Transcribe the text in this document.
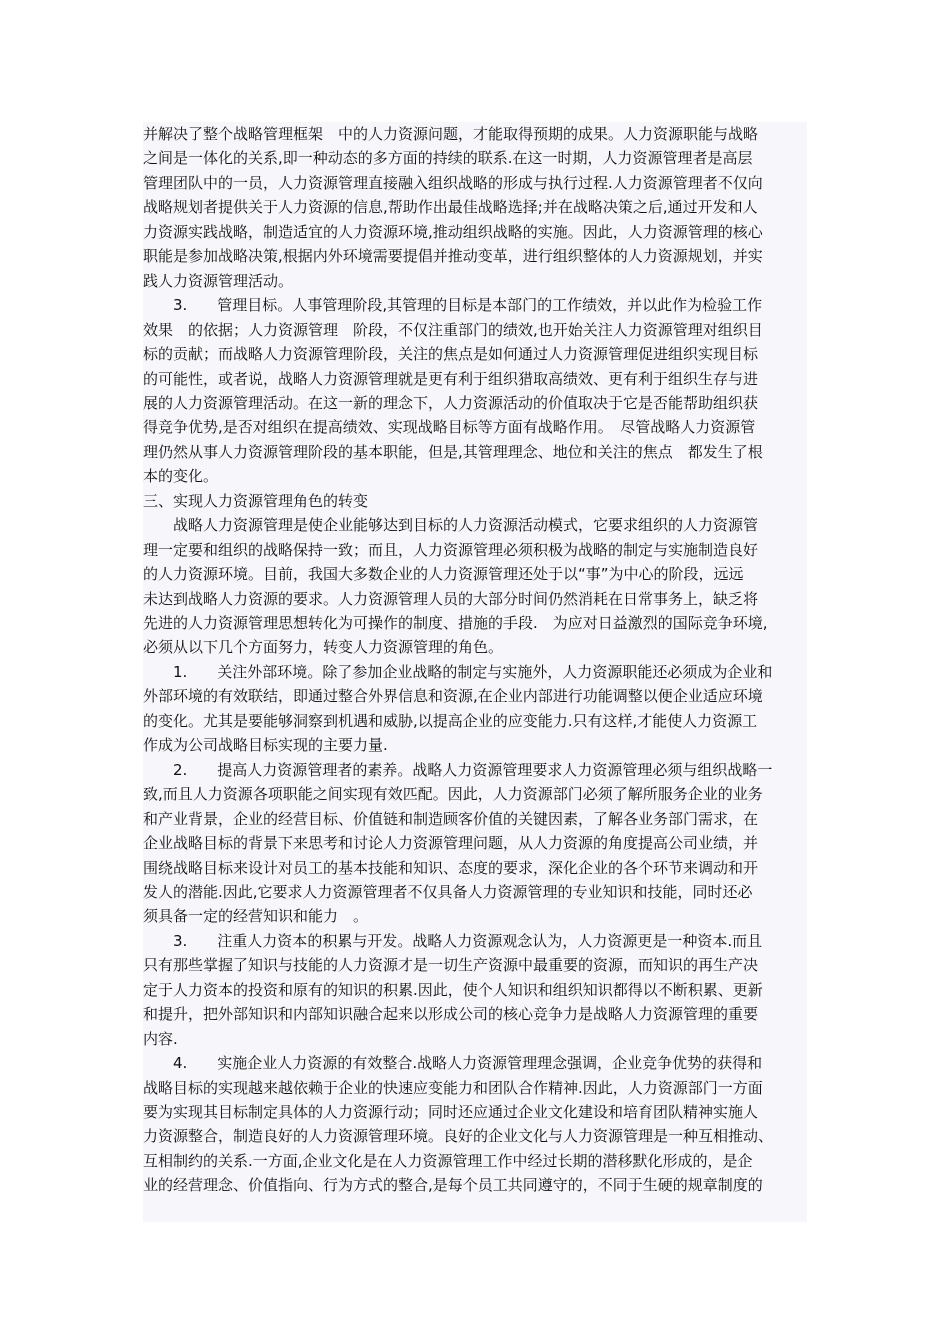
并解决了整个战略管理框架　中的人力资源问题，才能取得预期的成果。人力资源职能与战略
之间是一体化的关系,即一种动态的多方面的持续的联系.在这一时期，人力资源管理者是高层
管理团队中的一员，人力资源管理直接融入组织战略的形成与执行过程.人力资源管理者不仅向
战略规划者提供关于人力资源的信息,帮助作出最佳战略选择;并在战略决策之后,通过开发和人
力资源实践战略，制造适宜的人力资源环境,推动组织战略的实施。因此，人力资源管理的核心
职能是参加战略决策,根据内外环境需要提倡并推动变革，进行组织整体的人力资源规划，并实
践人力资源管理活动。
　　3.　　管理目标。人事管理阶段,其管理的目标是本部门的工作绩效，并以此作为检验工作
效果　的依据；人力资源管理　阶段，不仅注重部门的绩效,也开始关注人力资源管理对组织目
标的贡献；而战略人力资源管理阶段，关注的焦点是如何通过人力资源管理促进组织实现目标
的可能性，或者说，战略人力资源管理就是更有利于组织猎取高绩效、更有利于组织生存与进
展的人力资源管理活动。在这一新的理念下，人力资源活动的价值取决于它是否能帮助组织获
得竞争优势,是否对组织在提高绩效、实现战略目标等方面有战略作用。　尽管战略人力资源管
理仍然从事人力资源管理阶段的基本职能，但是,其管理理念、地位和关注的焦点　都发生了根
本的变化。
三、实现人力资源管理角色的转变
　　战略人力资源管理是使企业能够达到目标的人力资源活动模式，它要求组织的人力资源管
理一定要和组织的战略保持一致；而且，人力资源管理必须积极为战略的制定与实施制造良好
的人力资源环境。目前，我国大多数企业的人力资源管理还处于以“事”为中心的阶段，远远
未达到战略人力资源的要求。人力资源管理人员的大部分时间仍然消耗在日常事务上，缺乏将
先进的人力资源管理思想转化为可操作的制度、措施的手段.　为应对日益激烈的国际竞争环境,
必须从以下几个方面努力，转变人力资源管理的角色。
　　1.　　关注外部环境。除了参加企业战略的制定与实施外，人力资源职能还必须成为企业和
外部环境的有效联结，即通过整合外界信息和资源,在企业内部进行功能调整以便企业适应环境
的变化。尤其是要能够洞察到机遇和威胁,以提高企业的应变能力.只有这样,才能使人力资源工
作成为公司战略目标实现的主要力量.
　　2.　　提高人力资源管理者的素养。战略人力资源管理要求人力资源管理必须与组织战略一
致,而且人力资源各项职能之间实现有效匹配。因此，人力资源部门必须了解所服务企业的业务
和产业背景，企业的经营目标、价值链和制造顾客价值的关键因素，了解各业务部门需求，在
企业战略目标的背景下来思考和讨论人力资源管理问题，从人力资源的角度提高公司业绩，并
围绕战略目标来设计对员工的基本技能和知识、态度的要求，深化企业的各个环节来调动和开
发人的潜能.因此,它要求人力资源管理者不仅具备人力资源管理的专业知识和技能，同时还必
须具备一定的经营知识和能力　。
　　3.　　注重人力资本的积累与开发。战略人力资源观念认为，人力资源更是一种资本.而且
只有那些掌握了知识与技能的人力资源才是一切生产资源中最重要的资源，而知识的再生产决
定于人力资本的投资和原有的知识的积累.因此，使个人知识和组织知识都得以不断积累、更新
和提升，把外部知识和内部知识融合起来以形成公司的核心竞争力是战略人力资源管理的重要
内容.
　　4.　　实施企业人力资源的有效整合.战略人力资源管理理念强调，企业竞争优势的获得和
战略目标的实现越来越依赖于企业的快速应变能力和团队合作精神.因此，人力资源部门一方面
要为实现其目标制定具体的人力资源行动；同时还应通过企业文化建设和培育团队精神实施人
力资源整合，制造良好的人力资源管理环境。良好的企业文化与人力资源管理是一种互相推动、
互相制约的关系.一方面,企业文化是在人力资源管理工作中经过长期的潜移默化形成的，是企
业的经营理念、价值指向、行为方式的整合,是每个员工共同遵守的，不同于生硬的规章制度的
